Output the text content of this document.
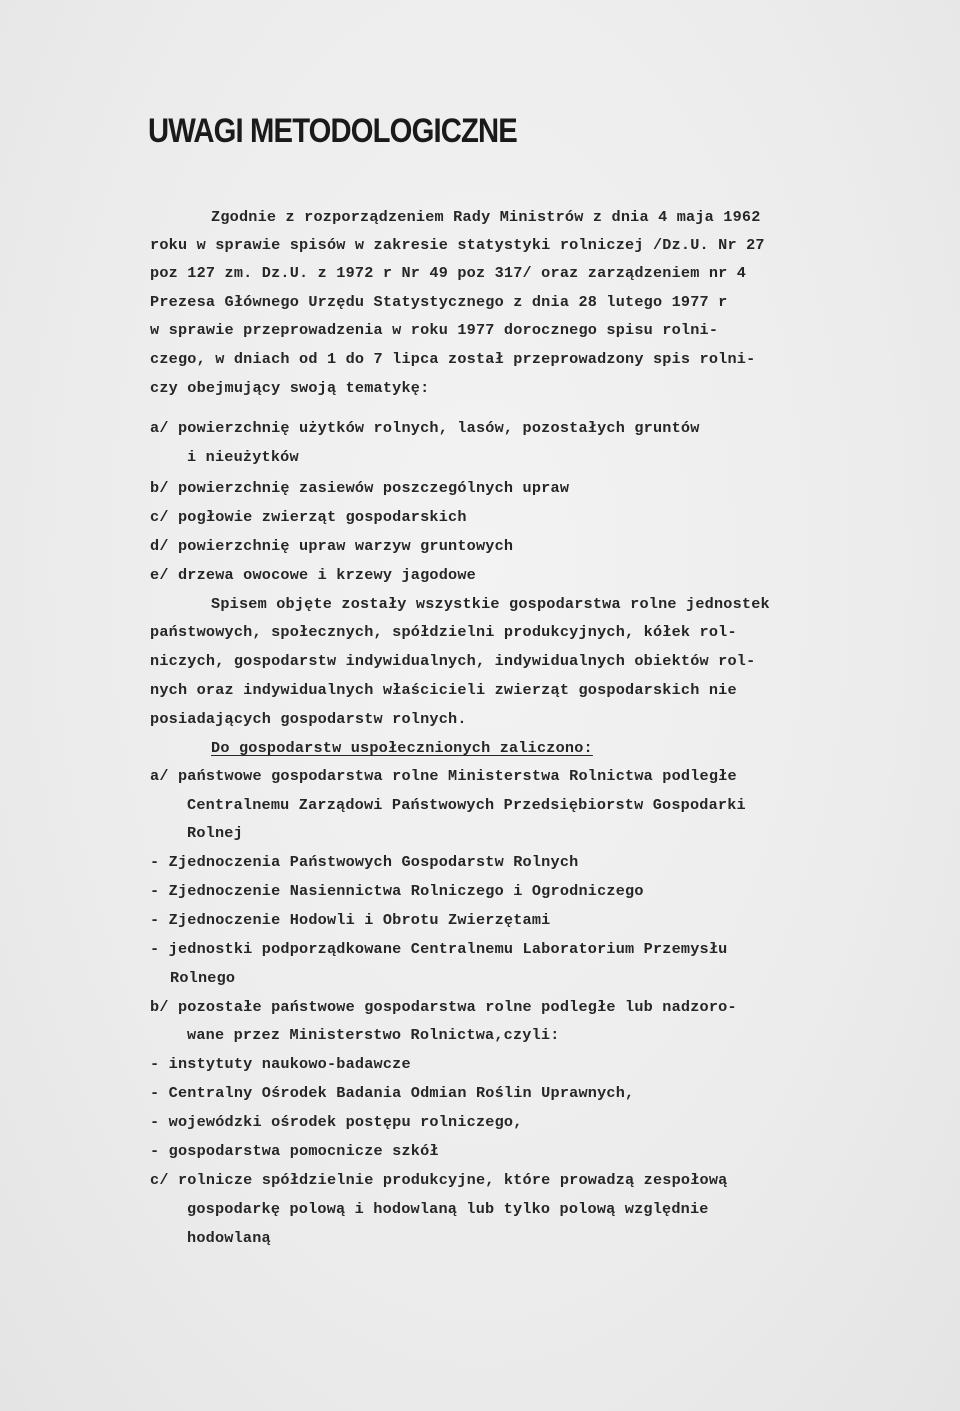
UWAGI METODOLOGICZNE

Zgodnie z rozporządzeniem Rady Ministrów z dnia 4 maja 1962

roku w sprawie spisów w zakresie statystyki rolniczej /Dz.U. Nr 27

poz 127 zm. Dz.U. z 1972 r Nr 49 poz 317/ oraz zarządzeniem nr 4

Prezesa Głównego Urzędu Statystycznego z dnia 28 lutego 1977 r

w sprawie przeprowadzenia w roku 1977 dorocznego spisu rolni-

czego, w dniach od 1 do 7 lipca został przeprowadzony spis rolni-

czy obejmujący swoją tematykę:

a/ powierzchnię użytków rolnych, lasów, pozostałych gruntów

i nieużytków

b/ powierzchnię zasiewów poszczególnych upraw

c/ pogłowie zwierząt gospodarskich

d/ powierzchnię upraw warzyw gruntowych

e/ drzewa owocowe i krzewy jagodowe

Spisem objęte zostały wszystkie gospodarstwa rolne jednostek

państwowych, społecznych, spółdzielni produkcyjnych, kółek rol-

niczych, gospodarstw indywidualnych, indywidualnych obiektów rol-

nych oraz indywidualnych właścicieli zwierząt gospodarskich nie

posiadających gospodarstw rolnych.

Do gospodarstw uspołecznionych zaliczono:

a/ państwowe gospodarstwa rolne Ministerstwa Rolnictwa podległe

Centralnemu Zarządowi Państwowych Przedsiębiorstw Gospodarki

Rolnej

- Zjednoczenia Państwowych Gospodarstw Rolnych

- Zjednoczenie Nasiennictwa Rolniczego i Ogrodniczego

- Zjednoczenie Hodowli i Obrotu Zwierzętami

- jednostki podporządkowane Centralnemu Laboratorium Przemysłu

Rolnego

b/ pozostałe państwowe gospodarstwa rolne podległe lub nadzoro-

wane przez Ministerstwo Rolnictwa,czyli:

- instytuty naukowo-badawcze

- Centralny Ośrodek Badania Odmian Roślin Uprawnych,

- wojewódzki ośrodek postępu rolniczego,

- gospodarstwa pomocnicze szkół

c/ rolnicze spółdzielnie produkcyjne, które prowadzą zespołową

gospodarkę polową i hodowlaną lub tylko polową względnie

hodowlaną
